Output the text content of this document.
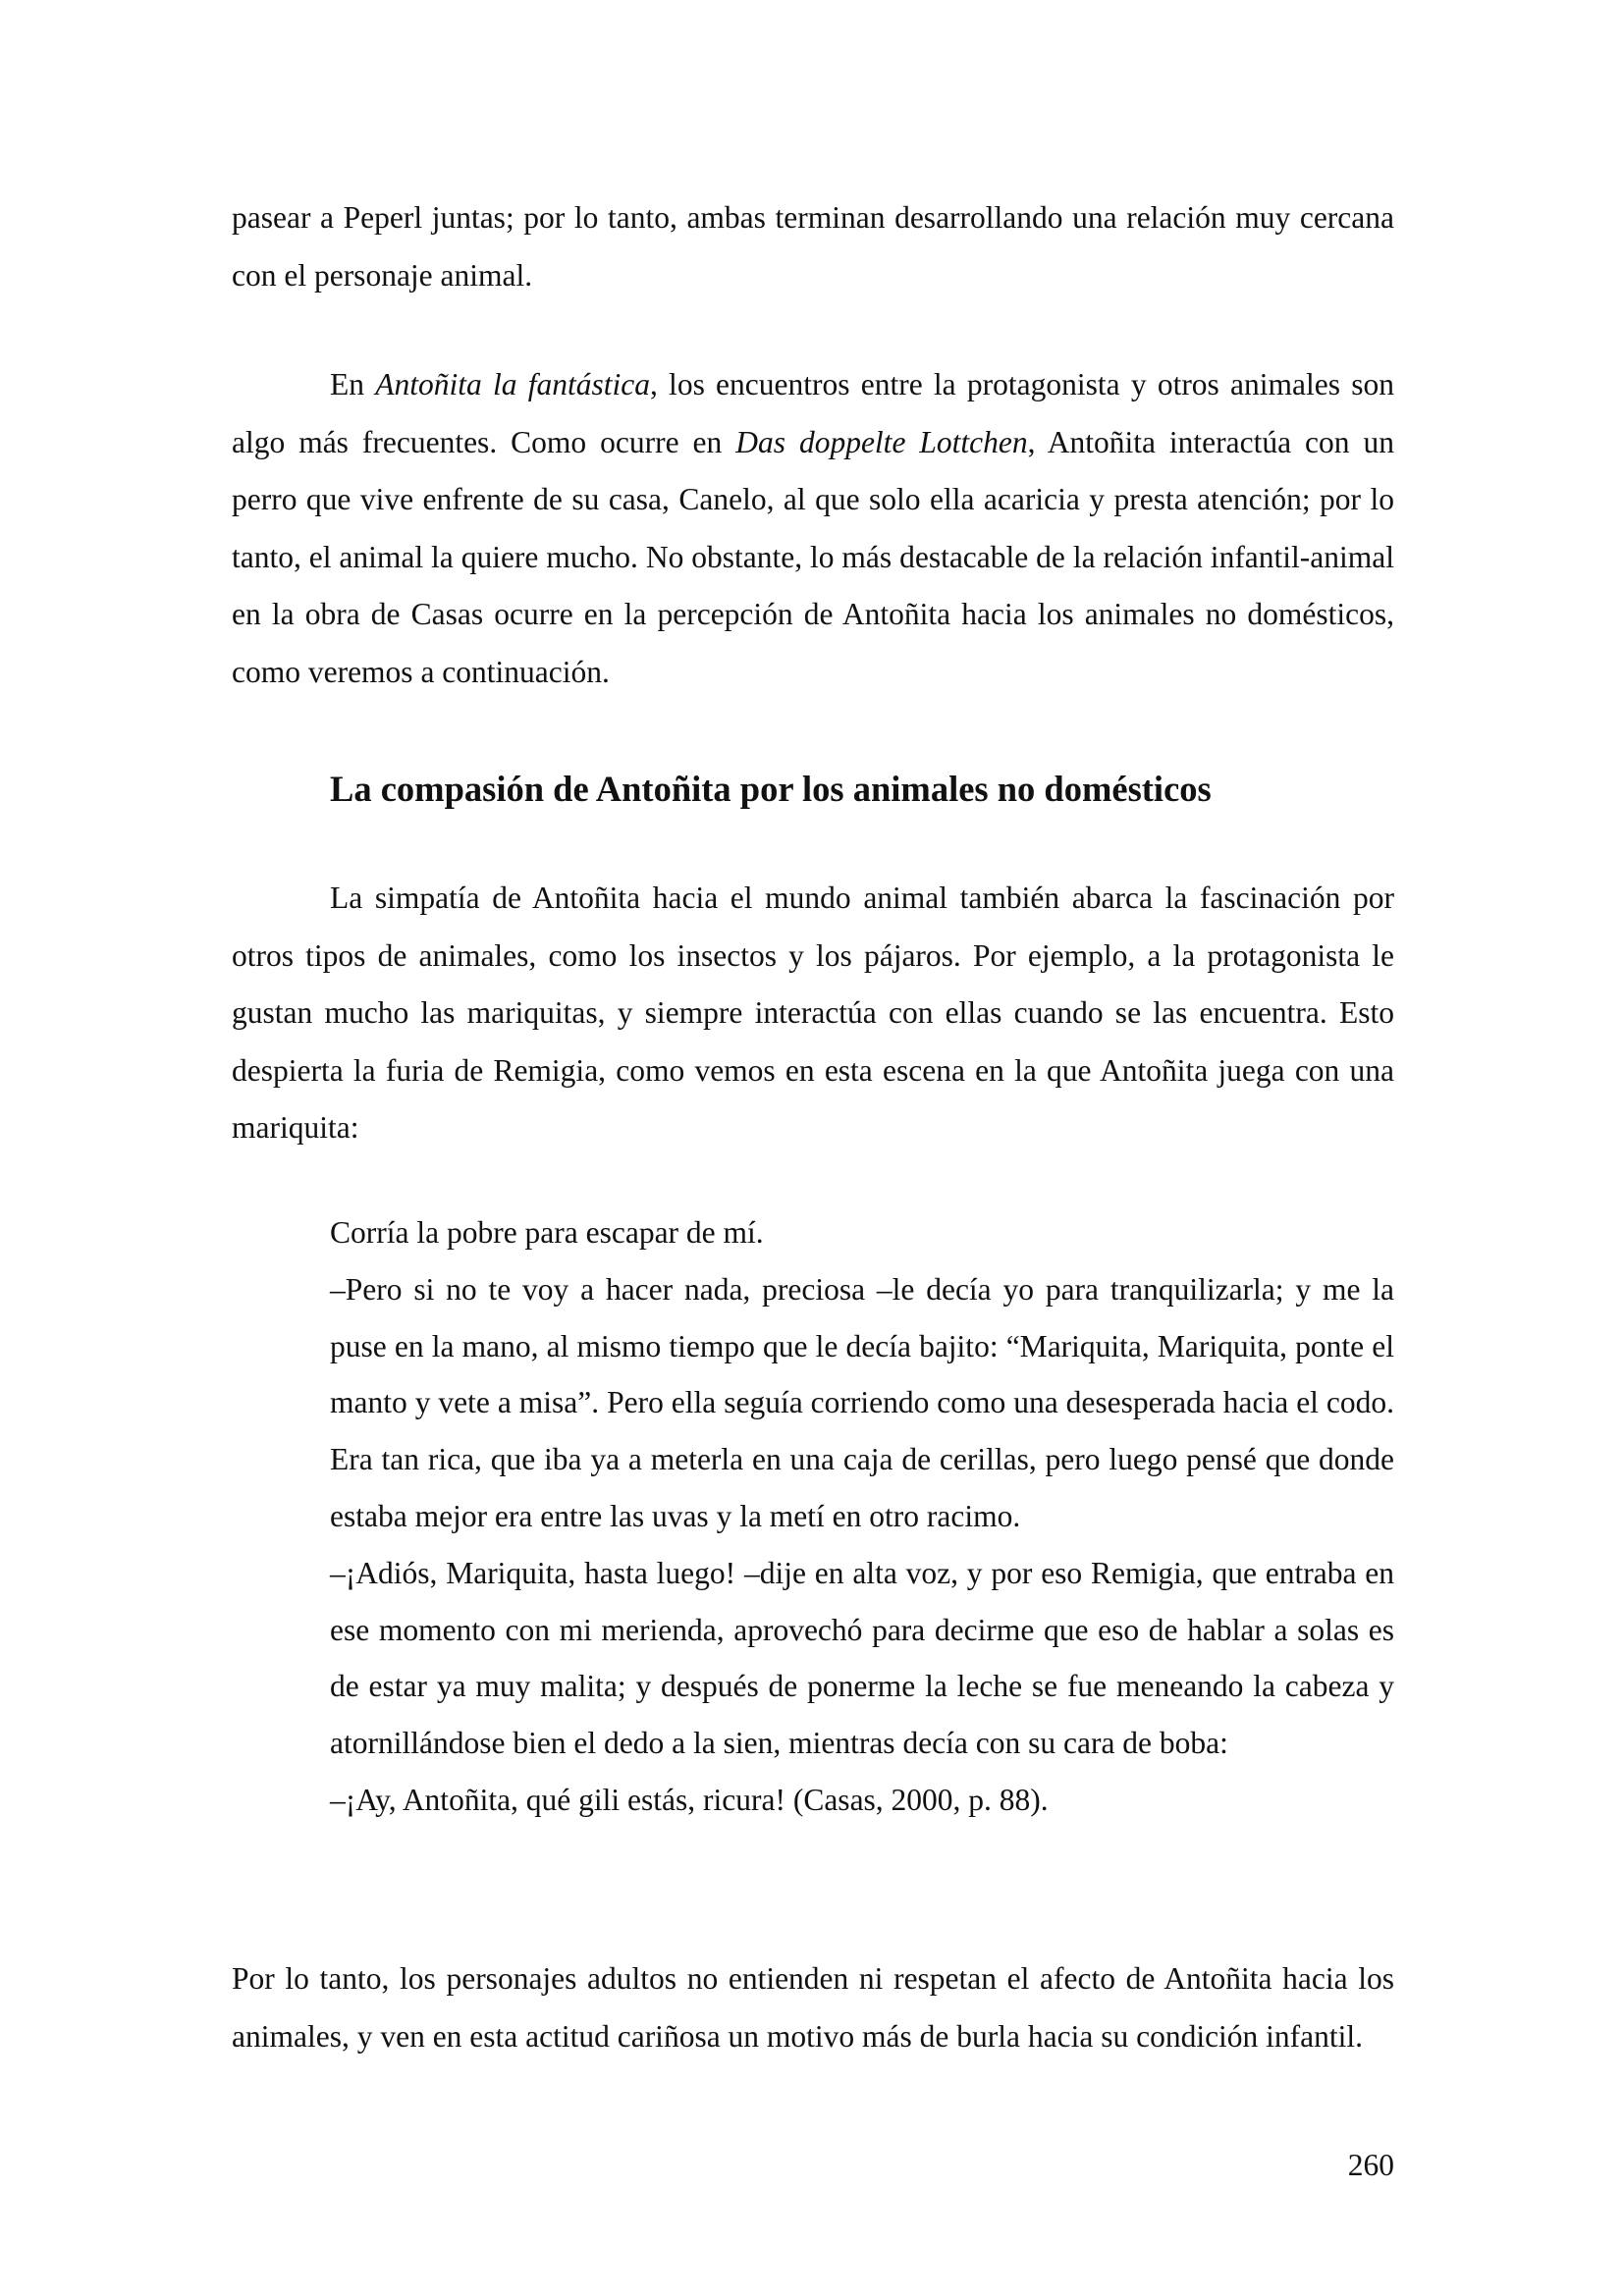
pasear a Peperl juntas; por lo tanto, ambas terminan desarrollando una relación muy cercana con el personaje animal.

En Antoñita la fantástica, los encuentros entre la protagonista y otros animales son algo más frecuentes. Como ocurre en Das doppelte Lottchen, Antoñita interactúa con un perro que vive enfrente de su casa, Canelo, al que solo ella acaricia y presta atención; por lo tanto, el animal la quiere mucho. No obstante, lo más destacable de la relación infantil-animal en la obra de Casas ocurre en la percepción de Antoñita hacia los animales no domésticos, como veremos a continuación.

La compasión de Antoñita por los animales no domésticos

La simpatía de Antoñita hacia el mundo animal también abarca la fascinación por otros tipos de animales, como los insectos y los pájaros. Por ejemplo, a la protagonista le gustan mucho las mariquitas, y siempre interactúa con ellas cuando se las encuentra. Esto despierta la furia de Remigia, como vemos en esta escena en la que Antoñita juega con una mariquita:

Corría la pobre para escapar de mí.

–Pero si no te voy a hacer nada, preciosa –le decía yo para tranquilizarla; y me la puse en la mano, al mismo tiempo que le decía bajito: “Mariquita, Mariquita, ponte el manto y vete a misa”. Pero ella seguía corriendo como una desesperada hacia el codo. Era tan rica, que iba ya a meterla en una caja de cerillas, pero luego pensé que donde estaba mejor era entre las uvas y la metí en otro racimo.

–¡Adiós, Mariquita, hasta luego! –dije en alta voz, y por eso Remigia, que entraba en ese momento con mi merienda, aprovechó para decirme que eso de hablar a solas es de estar ya muy malita; y después de ponerme la leche se fue meneando la cabeza y atornillándose bien el dedo a la sien, mientras decía con su cara de boba:

–¡Ay, Antoñita, qué gili estás, ricura! (Casas, 2000, p. 88).

Por lo tanto, los personajes adultos no entienden ni respetan el afecto de Antoñita hacia los animales, y ven en esta actitud cariñosa un motivo más de burla hacia su condición infantil.

260
